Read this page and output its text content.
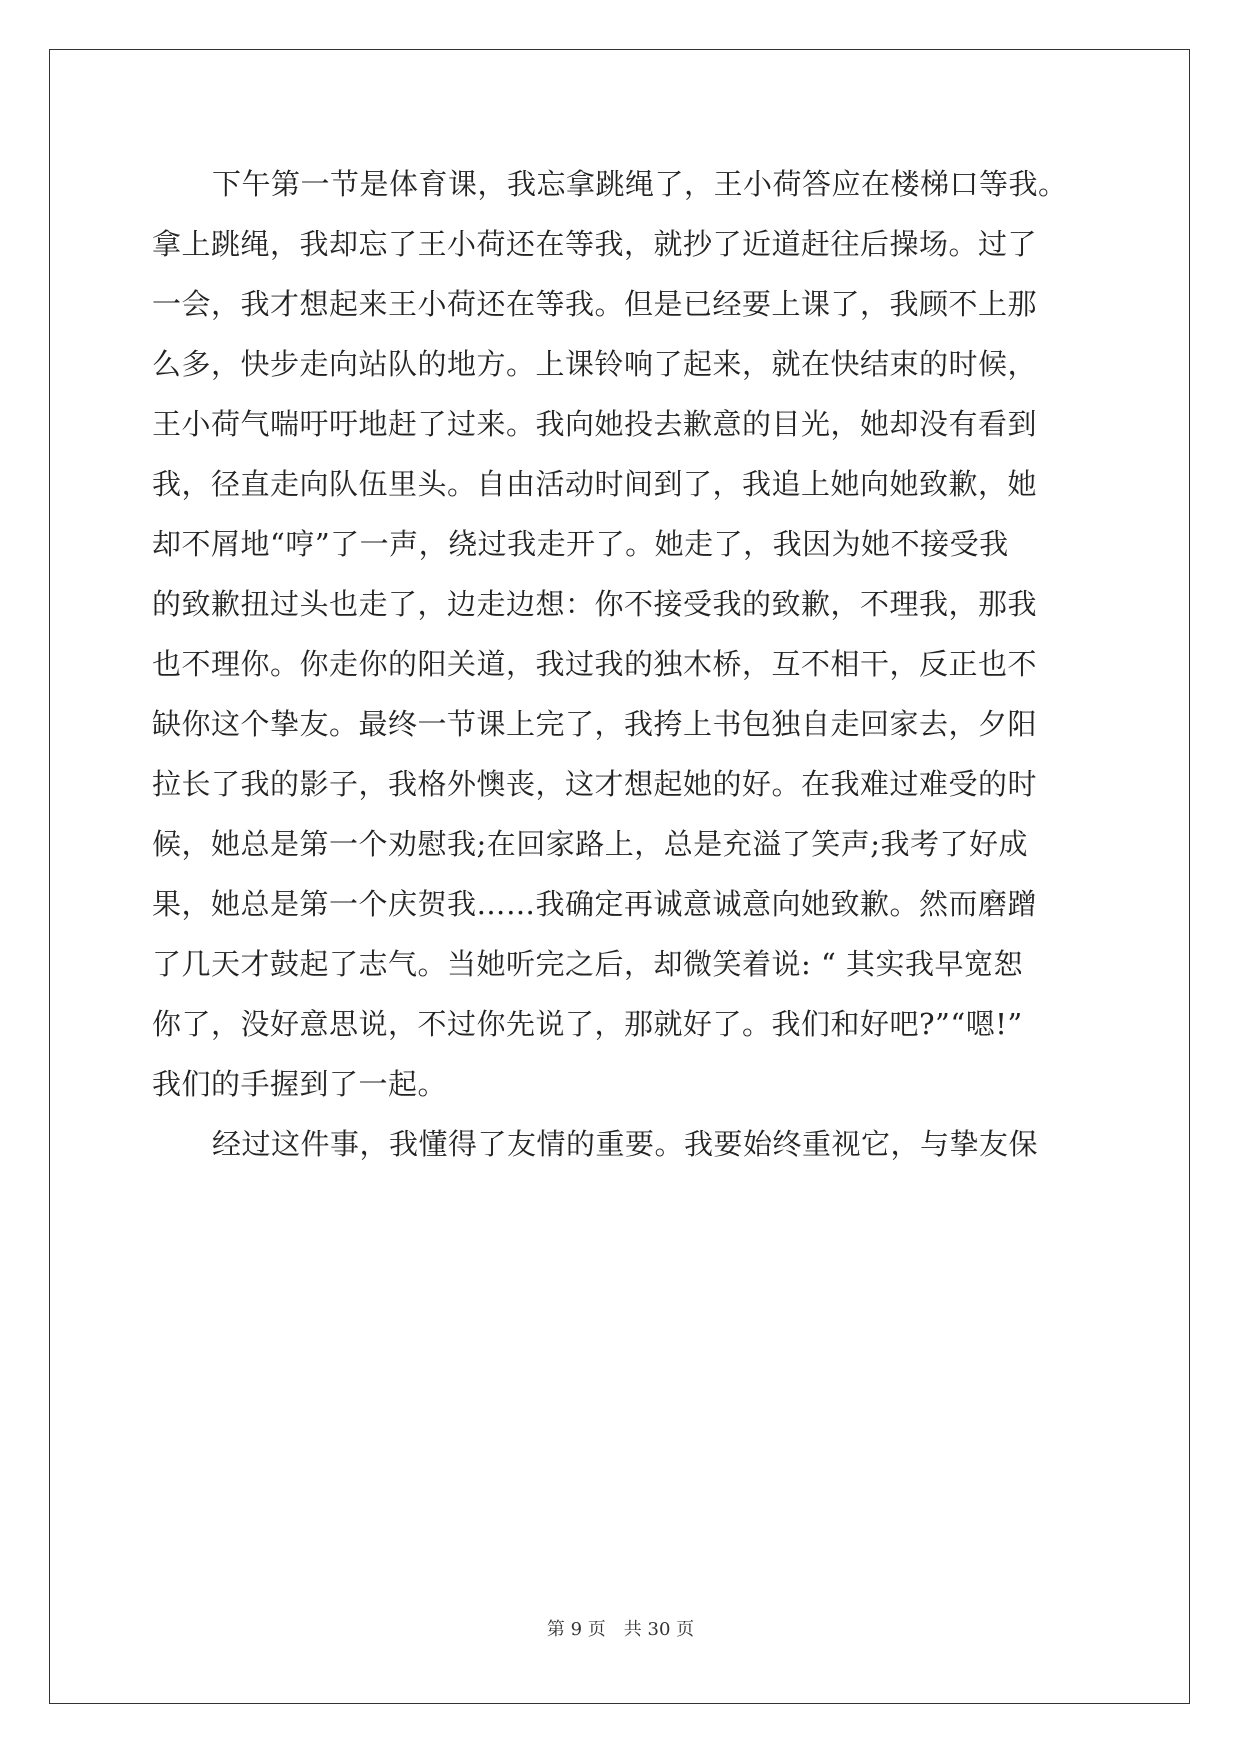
下午第一节是体育课，我忘拿跳绳了，王小荷答应在楼梯口等我。
拿上跳绳，我却忘了王小荷还在等我，就抄了近道赶往后操场。过了
一会，我才想起来王小荷还在等我。但是已经要上课了，我顾不上那
么多，快步走向站队的地方。上课铃响了起来，就在快结束的时候，
王小荷气喘吁吁地赶了过来。我向她投去歉意的目光，她却没有看到
我，径直走向队伍里头。自由活动时间到了，我追上她向她致歉，她
却不屑地“哼”了一声，绕过我走开了。她走了，我因为她不接受我
的致歉扭过头也走了，边走边想：你不接受我的致歉，不理我，那我
也不理你。你走你的阳关道，我过我的独木桥，互不相干，反正也不
缺你这个挚友。最终一节课上完了，我挎上书包独自走回家去，夕阳
拉长了我的影子，我格外懊丧，这才想起她的好。在我难过难受的时
候，她总是第一个劝慰我;在回家路上，总是充溢了笑声;我考了好成
果，她总是第一个庆贺我……我确定再诚意诚意向她致歉。然而磨蹭
了几天才鼓起了志气。当她听完之后，却微笑着说: “ 其实我早宽恕
你了，没好意思说，不过你先说了，那就好了。我们和好吧?”“嗯!”
我们的手握到了一起。
经过这件事，我懂得了友情的重要。我要始终重视它，与挚友保
第 9 页 共 30 页
